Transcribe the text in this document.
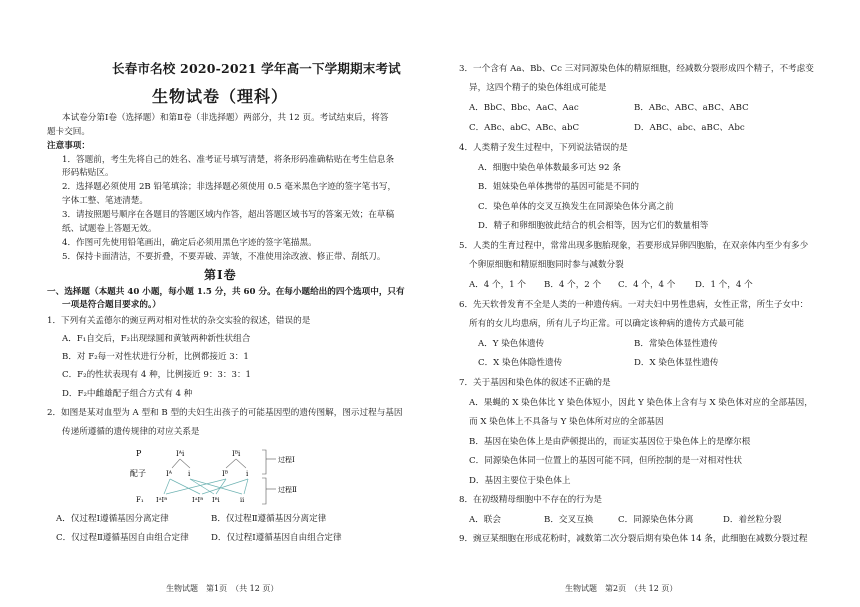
长春市名校 2020-2021 学年高一下学期期末考试
生物试卷（理科）
本试卷分第Ⅰ卷（选择题）和第Ⅱ卷（非选择题）两部分，共 12 页。考试结束后，将答
题卡交回。
注意事项：
1．答题前，考生先将自己的姓名、准考证号填写清楚，将条形码准确粘贴在考生信息条
形码粘贴区。
2．选择题必须使用 2B 铅笔填涂；非选择题必须使用 0.5 毫米黑色字迹的签字笔书写，
字体工整、笔迹清楚。
3．请按照题号顺序在各题目的答题区域内作答，超出答题区域书写的答案无效；在草稿
纸、试题卷上答题无效。
4．作图可先使用铅笔画出，确定后必须用黑色字迹的签字笔描黑。
5．保持卡面清洁，不要折叠，不要弄破、弄皱，不准使用涂改液、修正带、刮纸刀。
第Ⅰ卷
一、选择题（本题共 40 小题，每小题 1.5 分，共 60 分。在每小题给出的四个选项中，只有
一项是符合题目要求的。）
1．下列有关孟德尔的豌豆两对相对性状的杂交实验的叙述，错误的是
A．F₁自交后，F₂出现绿圆和黄皱两种新性状组合
B．对 F₂每一对性状进行分析，比例都接近 3：1
C．F₂的性状表现有 4 种，比例接近 9：3：3：1
D．F₂中雌雄配子组合方式有 4 种
2．如图是某对血型为 A 型和 B 型的夫妇生出孩子的可能基因型的遗传图解，图示过程与基因
传递所遵循的遗传规律的对应关系是
P
配子
F₁
Iᴬi	Iᴮi
Iᴬ i	Iᴮ	i
IᴬIᴮ	IᴬIᴮ Iᴮi	ii
过程Ⅰ
过程Ⅱ
A．仅过程Ⅰ遵循基因分离定律	B．仅过程Ⅱ遵循基因分离定律
C．仅过程Ⅱ遵循基因自由组合定律	D．仅过程Ⅰ遵循基因自由组合定律
生物试题　第1页　（共 12 页）
3．一个含有 Aa、Bb、Cc 三对同源染色体的精原细胞，经减数分裂形成四个精子，不考虑变
异，这四个精子的染色体组成可能是
A．BbC、Bbc、AaC、Aac	B．ABc、ABC、aBC、ABC
C．ABc、abC、ABc、abC	D．ABC、abc、aBC、Abc
4．人类精子发生过程中，下列说法错误的是
A．细胞中染色单体数最多可达 92 条
B．姐妹染色单体携带的基因可能是不同的
C．染色单体的交叉互换发生在同源染色体分离之前
D．精子和卵细胞彼此结合的机会相等，因为它们的数量相等
5．人类的生育过程中，常常出现多胞胎现象，若要形成异卵四胞胎，在双亲体内至少有多少
个卵原细胞和精原细胞同时参与减数分裂
A．4 个，1 个 B．4 个，2 个 C．4 个，4 个 D．1 个，4 个
6．先天软骨发育不全是人类的一种遗传病。一对夫妇中男性患病，女性正常，所生子女中：
所有的女儿均患病，所有儿子均正常。可以确定该种病的遗传方式最可能
A．Y 染色体遗传	B．常染色体显性遗传
C．X 染色体隐性遗传	D．X 染色体显性遗传
7．关于基因和染色体的叙述不正确的是
A．果蝇的 X 染色体比 Y 染色体短小，因此 Y 染色体上含有与 X 染色体对应的全部基因，
而 X 染色体上不具备与 Y 染色体所对应的全部基因
B．基因在染色体上是由萨顿提出的，而证实基因位于染色体上的是摩尔根
C．同源染色体同一位置上的基因可能不同，但所控制的是一对相对性状
D．基因主要位于染色体上
8．在初级精母细胞中不存在的行为是
A．联会	B．交叉互换	C．同源染色体分离	D．着丝粒分裂
9．豌豆某细胞在形成花粉时，减数第二次分裂后期有染色体 14 条，此细胞在减数分裂过程
生物试题　第2页　（共 12 页）
